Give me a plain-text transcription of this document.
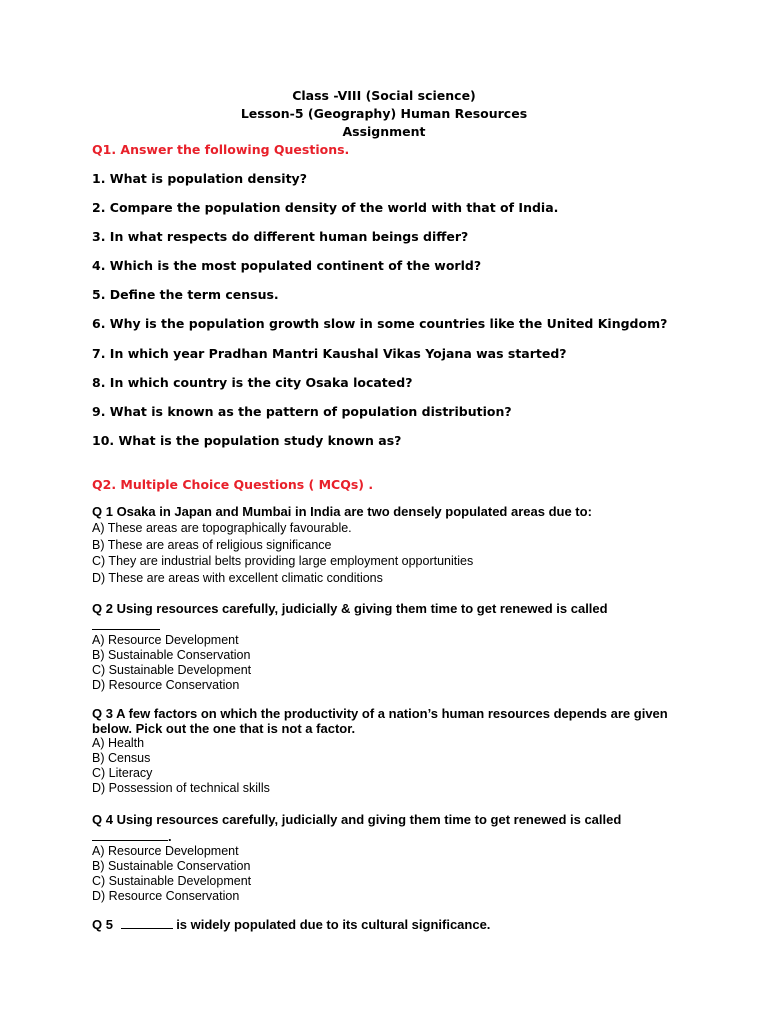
Class -VIII (Social science)
Lesson-5 (Geography) Human Resources
Assignment
Q1. Answer the following Questions.
1. What is population density?
2. Compare the population density of the world with that of India.
3. In what respects do different human beings differ?
4. Which is the most populated continent of the world?
5. Define the term census.
6. Why is the population growth slow in some countries like the United Kingdom?
7. In which year Pradhan Mantri Kaushal Vikas Yojana was started?
8. In which country is the city Osaka located?
9. What is known as the pattern of population distribution?
10. What is the population study known as?
Q2. Multiple Choice Questions ( MCQs) .
Q 1 Osaka in Japan and Mumbai in India are two densely populated areas due to:
A) These areas are topographically favourable.
B) These are areas of religious significance
C) They are industrial belts providing large employment opportunities
D) These are areas with excellent climatic conditions
Q 2 Using resources carefully, judicially & giving them time to get renewed is called
A) Resource Development
B) Sustainable Conservation
C) Sustainable Development
D) Resource Conservation
Q 3 A few factors on which the productivity of a nation’s human resources depends are given below. Pick out the one that is not a factor.
A) Health
B) Census
C) Literacy
D) Possession of technical skills
Q 4 Using resources carefully, judicially and giving them time to get renewed is called
.
A) Resource Development
B) Sustainable Conservation
C) Sustainable Development
D) Resource Conservation
Q 5	is widely populated due to its cultural significance.
